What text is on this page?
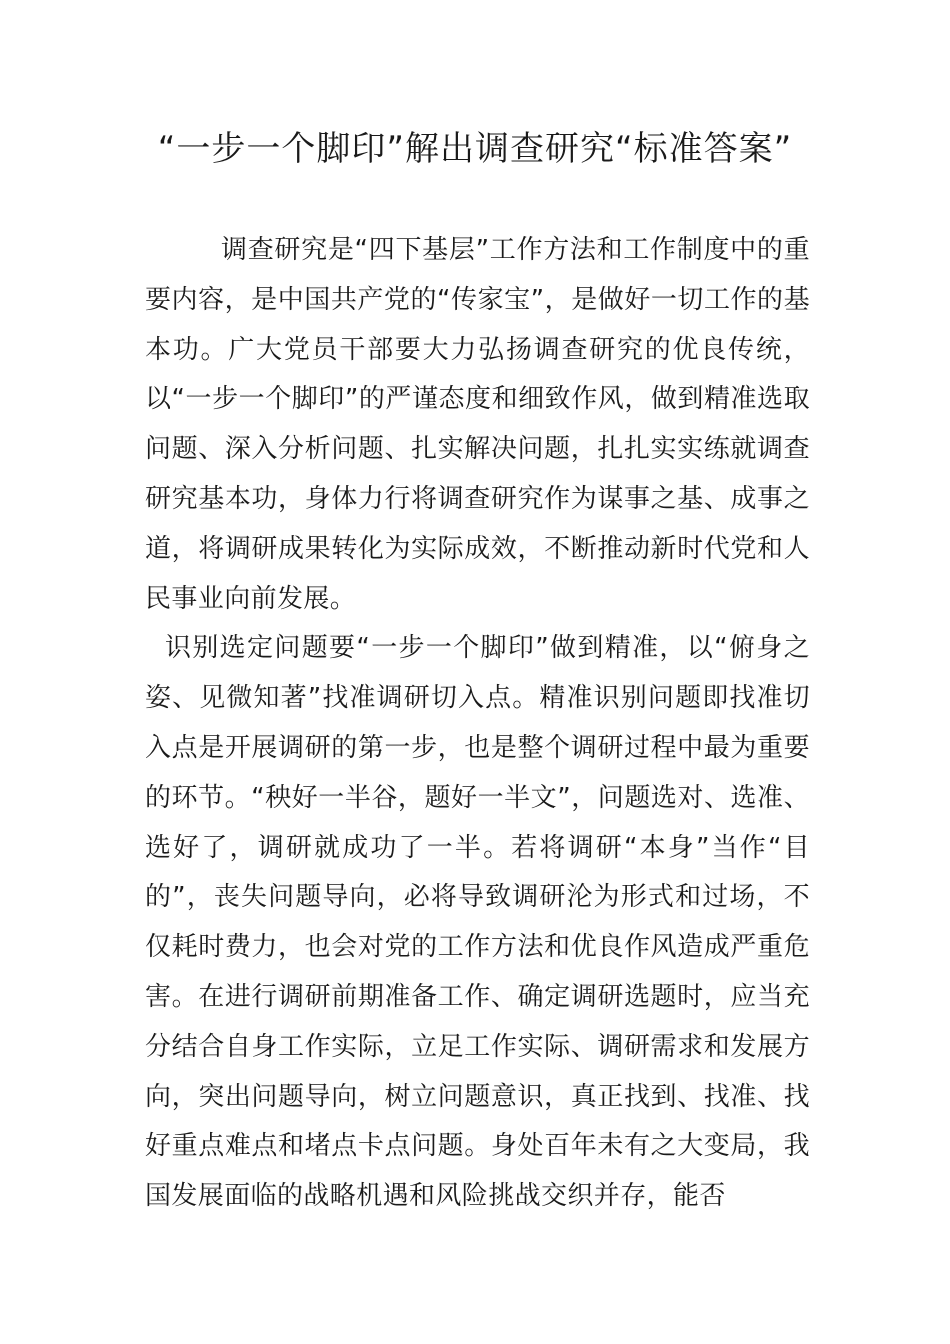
“一步一个脚印”解出调查研究“标准答案”

调查研究是“四下基层”工作方法和工作制度中的重要内容，是中国共产党的“传家宝”，是做好一切工作的基本功。广大党员干部要大力弘扬调查研究的优良传统，以“一步一个脚印”的严谨态度和细致作风，做到精准选取问题、深入分析问题、扎实解决问题，扎扎实实练就调查研究基本功，身体力行将调查研究作为谋事之基、成事之道，将调研成果转化为实际成效，不断推动新时代党和人民事业向前发展。

识别选定问题要“一步一个脚印”做到精准，以“俯身之姿、见微知著”找准调研切入点。精准识别问题即找准切入点是开展调研的第一步，也是整个调研过程中最为重要的环节。“秧好一半谷，题好一半文”，问题选对、选准、选好了，调研就成功了一半。若将调研“本身”当作“目的”，丧失问题导向，必将导致调研沦为形式和过场，不仅耗时费力，也会对党的工作方法和优良作风造成严重危害。在进行调研前期准备工作、确定调研选题时，应当充分结合自身工作实际，立足工作实际、调研需求和发展方向，突出问题导向，树立问题意识，真正找到、找准、找好重点难点和堵点卡点问题。身处百年未有之大变局，我国发展面临的战略机遇和风险挑战交织并存，能否
